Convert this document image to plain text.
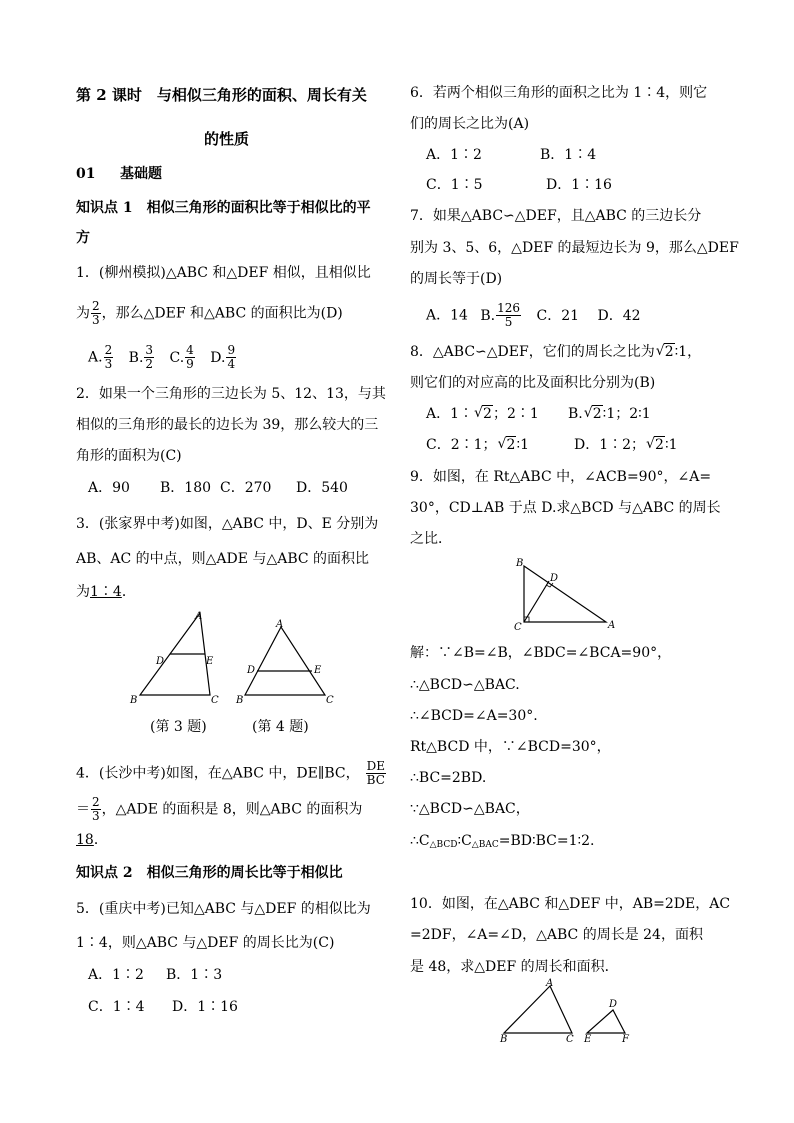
第 2 课时　与相似三角形的面积、周长有关
的性质
01 基础题
知识点 1　相似三角形的面积比等于相似比的平
方
1．(柳州模拟)△ABC 和△DEF 相似，且相似比
为 $\frac{2}{3}$ ，那么△DEF 和△ABC 的面积比为(D)
A. $\frac{2}{3} B$. $\frac{3}{2} C$. $\frac{4}{9} D$. $\frac{9}{4}$
2．如果一个三角形的三边长为 5、12、13，与其
相似的三角形的最长的边长为 39，那么较大的三
角形的面积为(C)
A．90 B．180 C．270 D．540
3．(张家界中考)如图，△ABC 中，D、E 分别为
AB、AC 的中点，则△ADE 与△ABC 的面积比
为1∶4．
A
D	E
B	C
A
D	E
B	C
(第 3 题)	(第 4 题)
4．(长沙中考)如图，在△ABC 中，DE∥BC， $\frac{DE}{BC}$
＝ $\frac{2}{3}$ ，△ADE 的面积是 8，则△ABC 的面积为
18．
知识点 2　相似三角形的周长比等于相似比
5．(重庆中考)已知△ABC 与△DEF 的相似比为
1∶4，则△ABC 与△DEF 的周长比为(C)
A．1∶2 B．1∶3
C．1∶4 D．1∶16
6．若两个相似三角形的面积之比为 1∶4，则它
们的周长之比为(A)
A．1∶2	B．1∶4
C．1∶5	D．1∶16
7．如果△ABC∽△DEF，且△ABC 的三边长分
别为 3、5、6，△DEF 的最短边长为 9，那么△DEF
的周长等于(D)
A．14 B. $\frac{126}{5}$ C．21 D．42
8．△ABC∽△DEF，它们的周长之比为 √ 2∶1，
则它们的对应高的比及面积比分别为(B)
A．1∶ √ 2；2∶1 B. √ 2∶1；2∶1
C．2∶1； √ 2∶1	D．1∶2； √ 2∶1
9．如图，在 Rt△ABC 中，∠ACB=90°，∠A=
30°，CD⊥AB 于点 D.求△BCD 与△ABC 的周长
之比．
B
D
C	A
解：∵∠B=∠B，∠BDC=∠BCA=90°，
∴△BCD∽△BAC.
∴∠BCD=∠A=30°.
Rt△BCD 中，∵∠BCD=30°，
∴BC=2BD.
∵△BCD∽△BAC，
$\therefore C_{\triangle BCD}∶C_{\triangle BAC}=BD∶BC=1∶2$.
10．如图，在△ABC 和△DEF 中，AB=2DE，AC
=2DF，∠A=∠D，△ABC 的周长是 24，面积
是 48，求△DEF 的周长和面积．
A
B	C
D
E	F
